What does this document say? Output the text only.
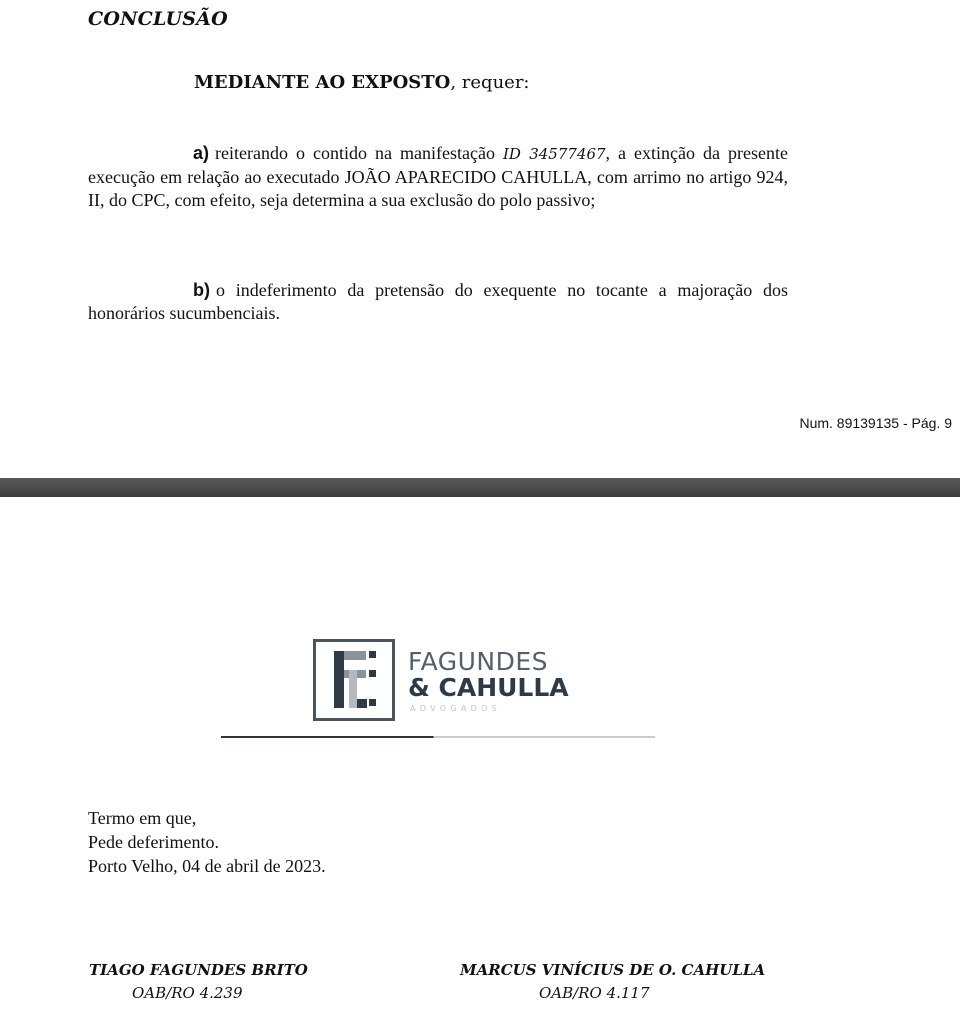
CONCLUSÃO
MEDIANTE AO EXPOSTO, requer:
a) reiterando o contido na manifestação ID 34577467, a extinção da presente execução em relação ao executado JOÃO APARECIDO CAHULLA, com arrimo no artigo 924, II, do CPC, com efeito, seja determina a sua exclusão do polo passivo;
b) o indeferimento da pretensão do exequente no tocante a majoração dos honorários sucumbenciais.
Num. 89139135 - Pág. 9
FAGUNDES
& CAHULLA
ADVOGADOS
Termo em que,
Pede deferimento.
Porto Velho, 04 de abril de 2023.
TIAGO FAGUNDES BRITO
OAB/RO 4.239
MARCUS VINÍCIUS DE O. CAHULLA
OAB/RO 4.117
